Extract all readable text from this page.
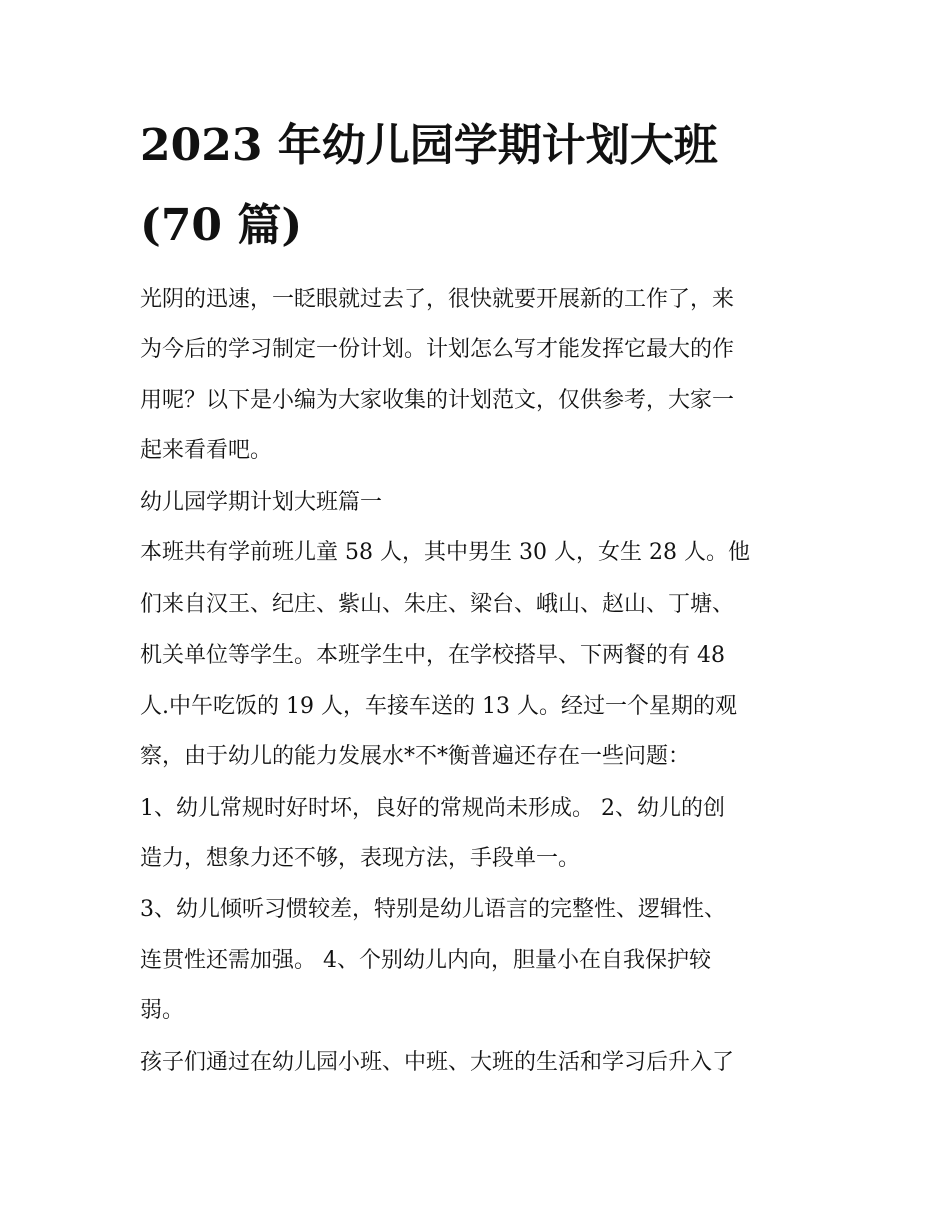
2023 年幼儿园学期计划大班
(70 篇)
光阴的迅速，一眨眼就过去了，很快就要开展新的工作了，来
为今后的学习制定一份计划。计划怎么写才能发挥它最大的作
用呢？以下是小编为大家收集的计划范文，仅供参考，大家一
起来看看吧。
幼儿园学期计划大班篇一
本班共有学前班儿童 58 人，其中男生 30 人，女生 28 人。他
们来自汉王、纪庄、紫山、朱庄、梁台、峨山、赵山、丁塘、
机关单位等学生。本班学生中，在学校搭早、下两餐的有 48
人.中午吃饭的 19 人，车接车送的 13 人。经过一个星期的观
察，由于幼儿的能力发展水*不*衡普遍还存在一些问题：
1、幼儿常规时好时坏，良好的常规尚未形成。 2、幼儿的创
造力，想象力还不够，表现方法，手段单一。
3、幼儿倾听习惯较差，特别是幼儿语言的完整性、逻辑性、
连贯性还需加强。 4、个别幼儿内向，胆量小在自我保护较
弱。
孩子们通过在幼儿园小班、中班、大班的生活和学习后升入了
